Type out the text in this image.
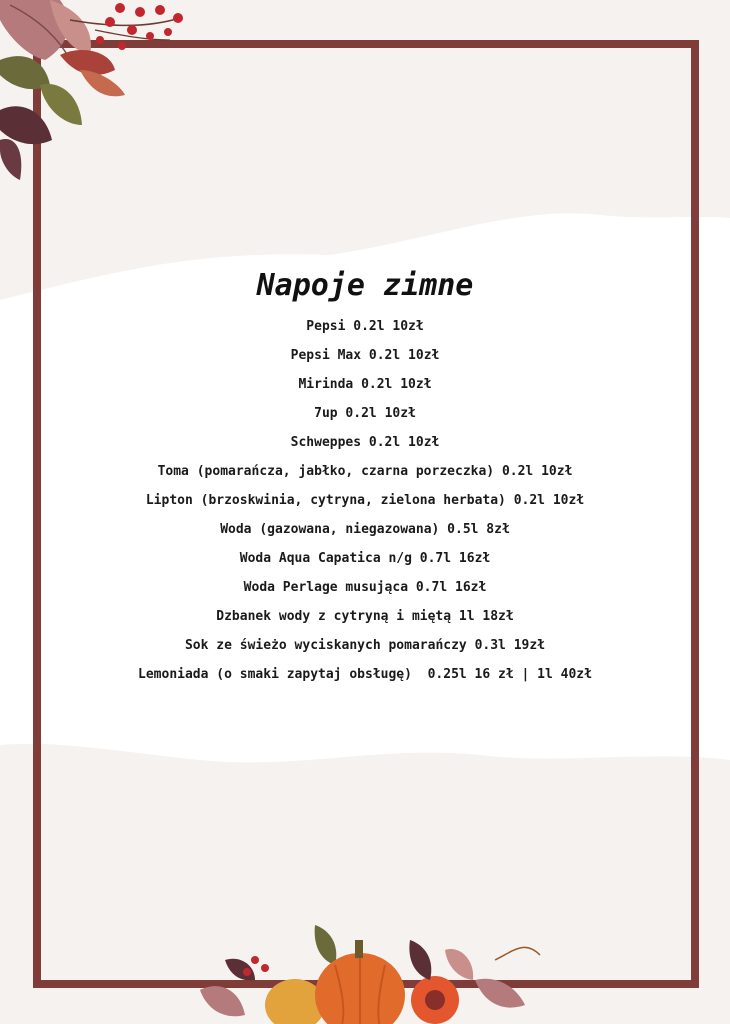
Napoje zimne
Pepsi 0.2l 10zł
Pepsi Max 0.2l 10zł
Mirinda 0.2l 10zł
7up 0.2l 10zł
Schweppes 0.2l 10zł
Toma (pomarańcza, jabłko, czarna porzeczka) 0.2l 10zł
Lipton (brzoskwinia, cytryna, zielona herbata) 0.2l 10zł
Woda (gazowana, niegazowana) 0.5l 8zł
Woda Aqua Capatica n/g 0.7l 16zł
Woda Perlage musująca 0.7l 16zł
Dzbanek wody z cytryną i miętą 1l 18zł
Sok ze świeżo wyciskanych pomarańczy 0.3l 19zł
Lemoniada (o smaki zapytaj obsługę)  0.25l 16 zł | 1l 40zł
